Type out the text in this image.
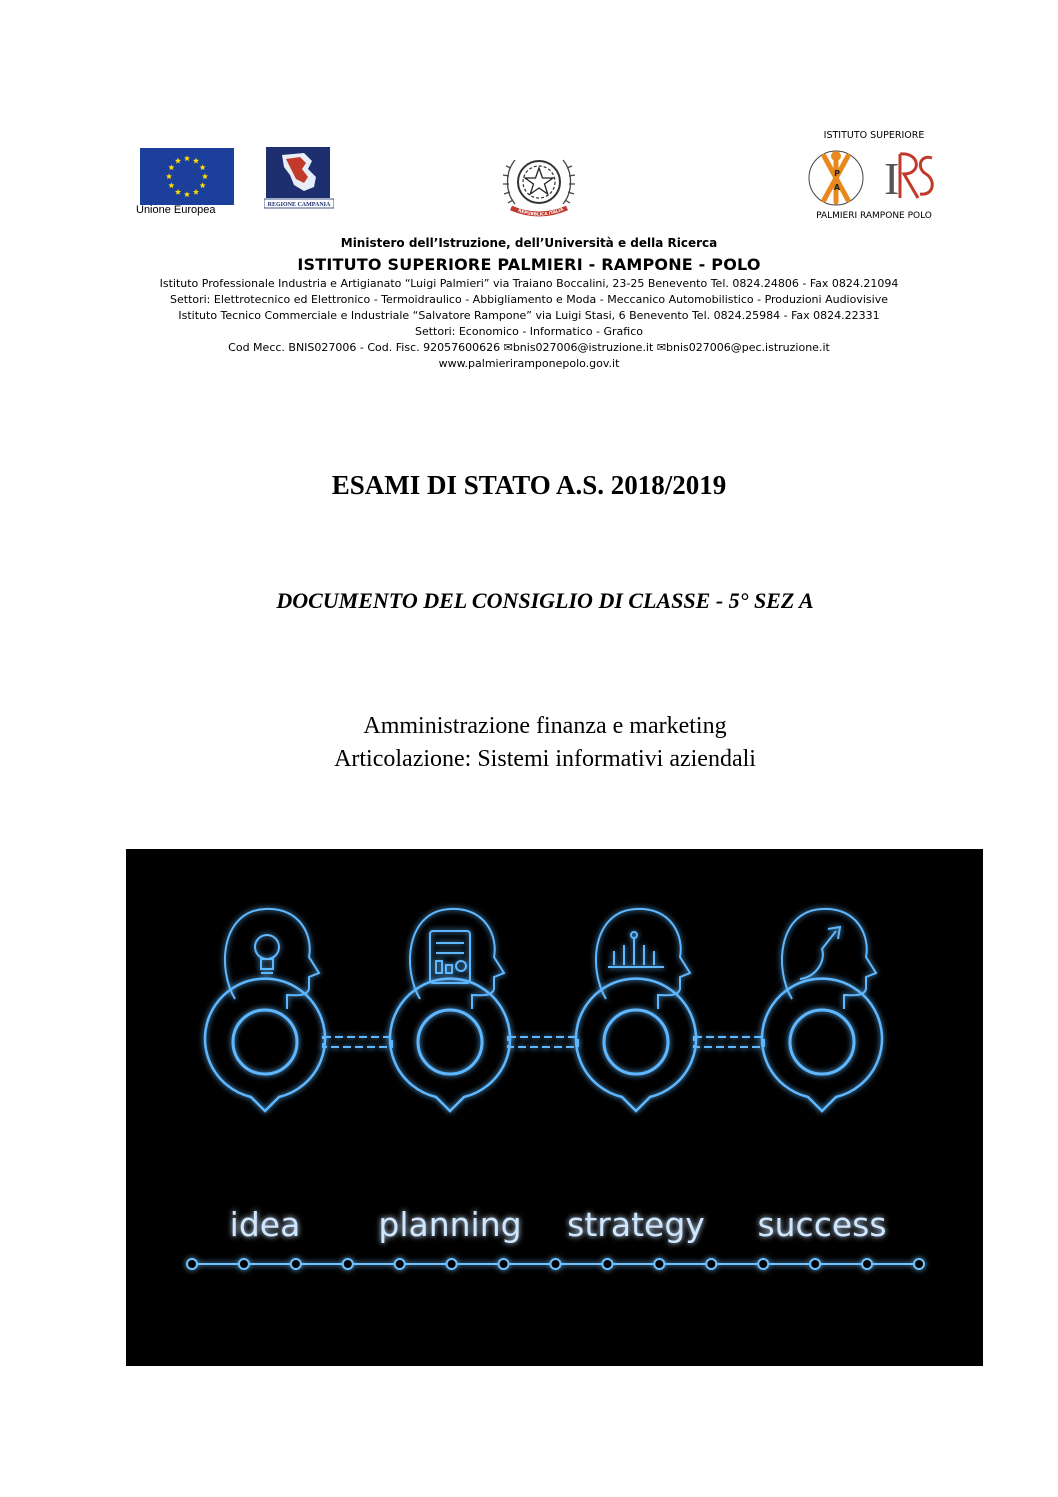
Unione Europea	REGIONE CAMPANIA
REPUBBLICA ITALIA
ISTITUTO SUPERIORE
P
A I
PALMIERI RAMPONE POLO
Ministero dell’Istruzione, dell’Università e della Ricerca
ISTITUTO SUPERIORE PALMIERI - RAMPONE - POLO
Istituto Professionale Industria e Artigianato “Luigi Palmieri” via Traiano Boccalini, 23-25 Benevento Tel. 0824.24806 - Fax 0824.21094
Settori: Elettrotecnico ed Elettronico - Termoidraulico - Abbigliamento e Moda - Meccanico Automobilistico - Produzioni Audiovisive
Istituto Tecnico Commerciale e Industriale “Salvatore Rampone” via Luigi Stasi, 6 Benevento Tel. 0824.25984 - Fax 0824.22331
Settori: Economico - Informatico - Grafico
Cod Mecc. BNIS027006 - Cod. Fisc. 92057600626 ✉bnis027006@istruzione.it ✉bnis027006@pec.istruzione.it
www.palmieriramponepolo.gov.it
ESAMI DI STATO A.S. 2018/2019
DOCUMENTO DEL CONSIGLIO DI CLASSE - 5° SEZ A
Amministrazione finanza e marketing
Articolazione: Sistemi informativi aziendali
idea planning strategy success
